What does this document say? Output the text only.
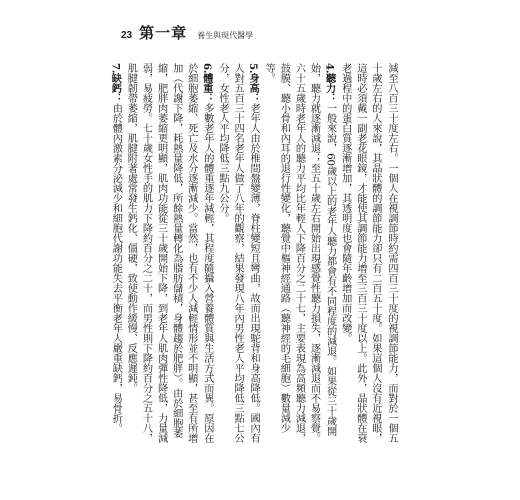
23 第一章 養生與現代醫學

減至八百三十度左右。一個人在視調節時約需四百三十度的視調節能力，而對於一個五十歲左右的人來說，其晶狀體的調節能力卻只有二百五十度。如果這個人沒有近視眼，這時必須戴一副老花眼鏡，才能使其調節能力增至三百三十度以上。此外，晶狀體在衰老過程中的蛋白質逐漸增加，其透明度也會隨年齡增加而改變。

4.聽力：一般來說，60歲以上的老年人聽力都會有不同程度的減退。如果從三十歲開始，聽力就逐漸減退；至五十歲左右開始出現感覺性聽力損失，逐漸減退而不易察覺。六十五歲時老年人的聽力平均比年輕人下降百分之二十七，主要表現為高頻聽力減退，鼓膜、聽小骨和內耳的退行性變化，聽覺中樞神經通路（聽神經的毛細胞）數量減少等。

5.身高：老年人由於椎間盤變薄，脊柱變短且彎曲，故而出現駝背和身高降低。國內有人對五百三十四名老年人做了八年的觀察，結果發現八年內男性老人平均降低三點七公分，女性老人平均降低三點九公分。

6.體重：多數老年人的體重逐年減輕，其程度隨攝入營養體質與生活方式而異。原因在於細胞萎縮、死亡及水分逐漸減少。當然，也有不少人減輕情形並不明顯，甚至有所增加（代謝下降，耗熱量降低，所餘熱量轉化為脂肪儲積，身體趨於肥胖）。由於細胞萎縮，肥胖肉萎縮更明顯，肌肉功能從三十歲開始下降，到老年人肌肉彈性降低，力量減弱，易疲勞。七十歲女性手的肌力下降約百分之二十，而男性則下降約百分之五十八，肌腱韌帶萎縮，肌腱附著處常發生鈣化、僵硬，致使動作緩慢、反應遲鈍。

7.缺鈣：由於體內激素分泌減少和細胞代謝功能失去平衡老年人嚴重缺鈣，易骨折。
